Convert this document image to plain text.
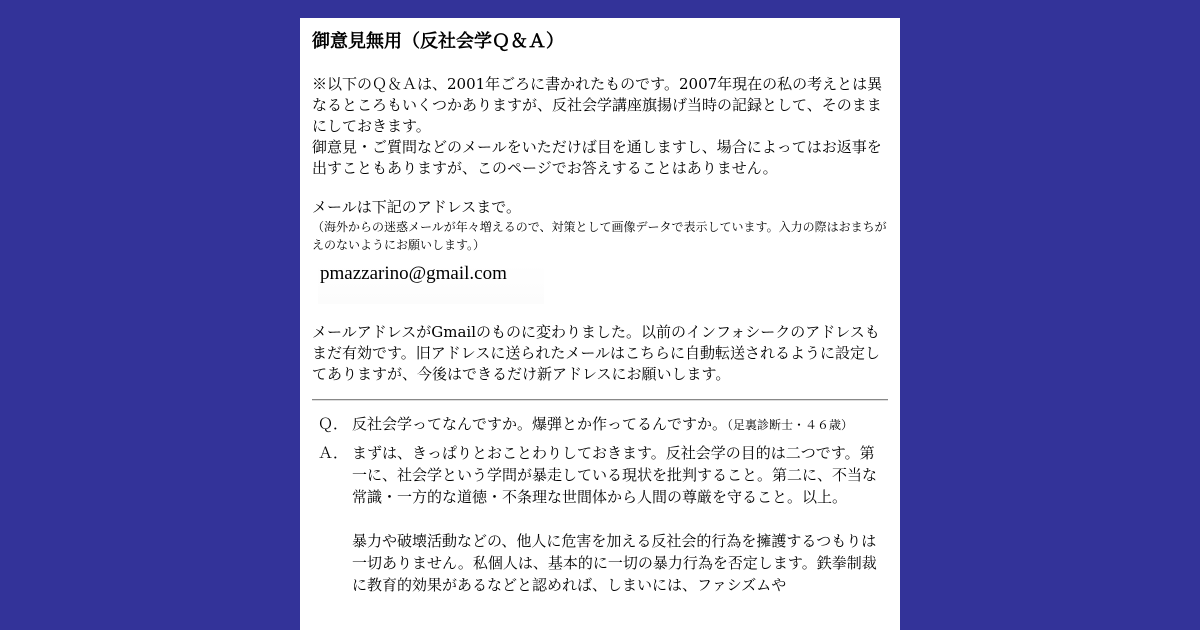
御意見無用（反社会学Ｑ＆Ａ）

※以下のＱ＆Ａは、2001年ごろに書かれたものです。2007年現在の私の考えとは異なるところもいくつかありますが、反社会学講座旗揚げ当時の記録として、そのままにしておきます。

御意見・ご質問などのメールをいただけば目を通しますし、場合によってはお返事を出すこともありますが、このページでお答えすることはありません。

メールは下記のアドレスまで。

（海外からの迷惑メールが年々増えるので、対策として画像データで表示しています。入力の際はおまちがえのないようにお願いします。）

pmazzarino@gmail.com

メールアドレスがGmailのものに変わりました。以前のインフォシークのアドレスもまだ有効です。旧アドレスに送られたメールはこちらに自動転送されるように設定してありますが、今後はできるだけ新アドレスにお願いします。

Ｑ． 反社会学ってなんですか。爆弾とか作ってるんですか。（足裏診断士・４６歳）
Ａ． まずは、きっぱりとおことわりしておきます。反社会学の目的は二つです。第一に、社会学という学問が暴走している現状を批判すること。第二に、不当な常識・一方的な道徳・不条理な世間体から人間の尊厳を守ること。以上。
暴力や破壊活動などの、他人に危害を加える反社会的行為を擁護するつもりは一切ありません。私個人は、基本的に一切の暴力行為を否定します。鉄拳制裁に教育的効果があるなどと認めれば、しまいには、ファシズムや
